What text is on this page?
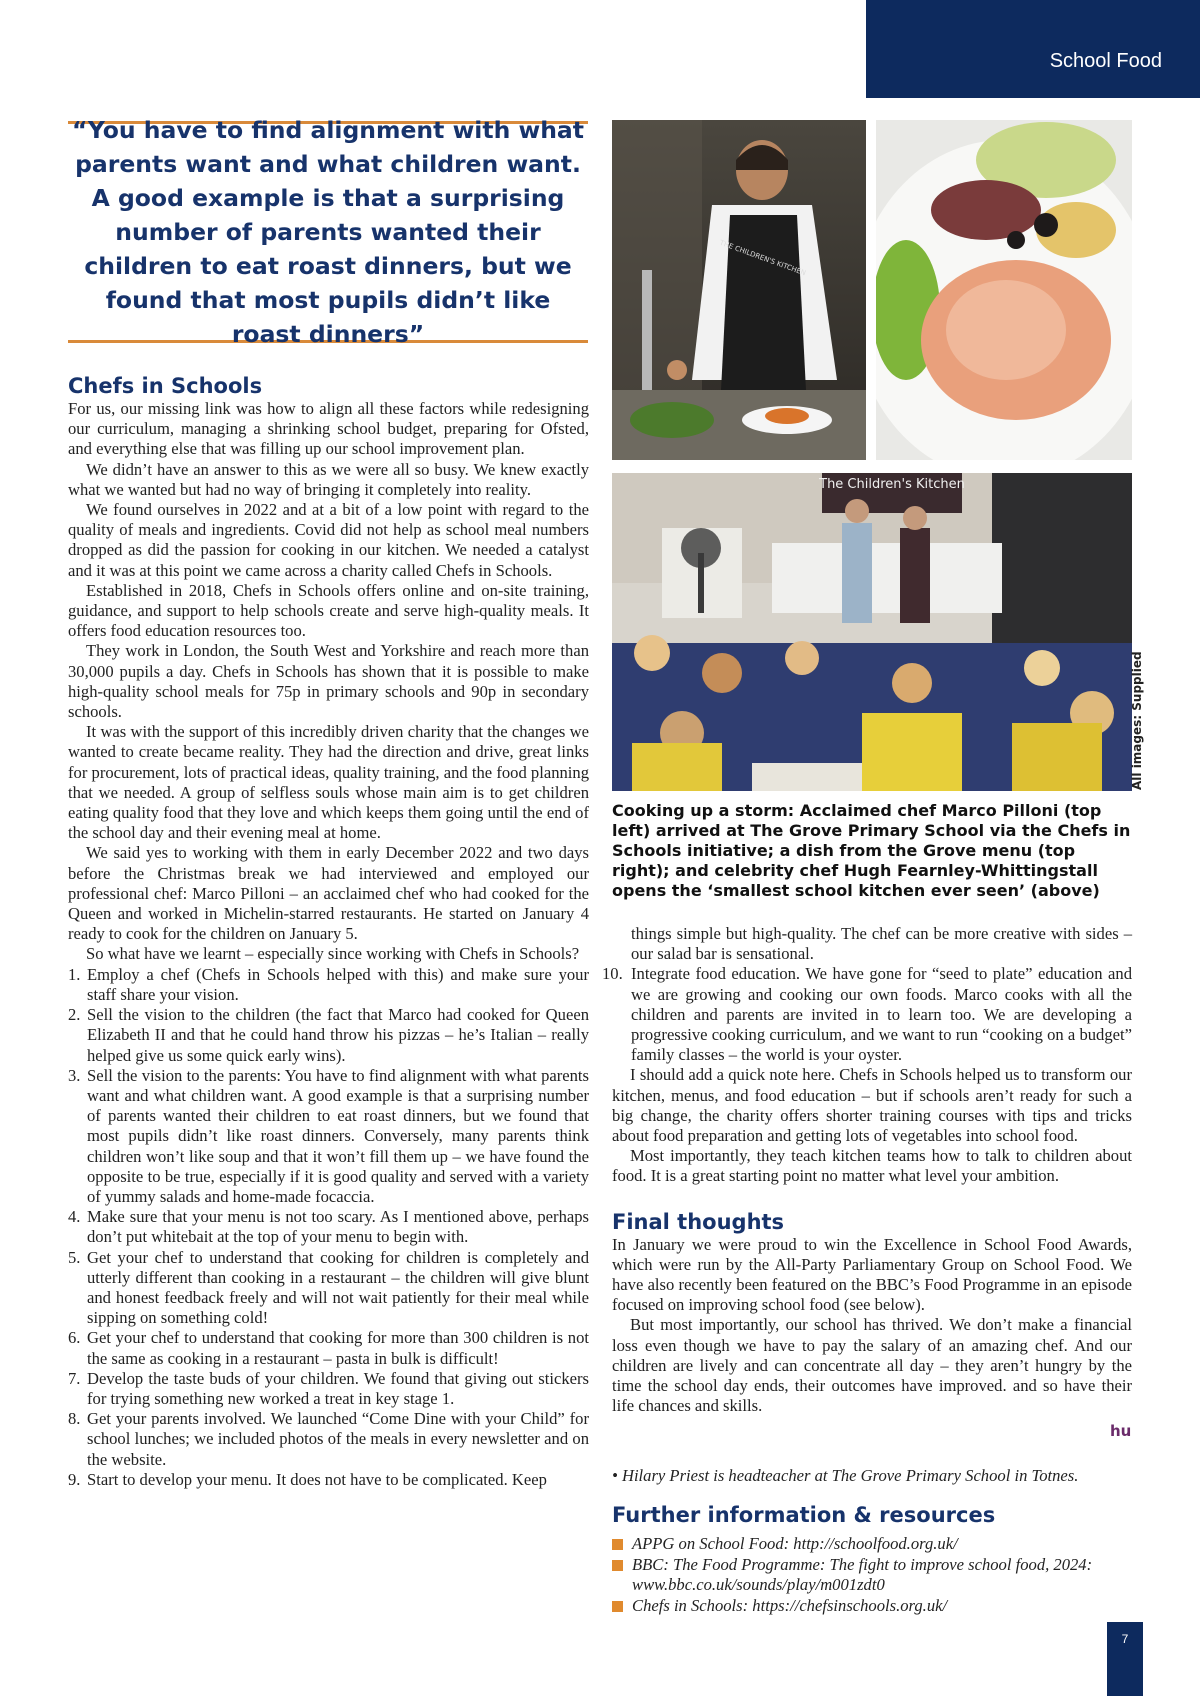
School Food

“You have to find alignment with what parents want and what children want. A good example is that a surprising number of parents wanted their children to eat roast dinners, but we found that most pupils didn’t like roast dinners”

Chefs in Schools

For us, our missing link was how to align all these factors while redesigning our curriculum, managing a shrinking school budget, preparing for Ofsted, and everything else that was filling up our school improvement plan.

We didn’t have an answer to this as we were all so busy. We knew exactly what we wanted but had no way of bringing it completely into reality.

We found ourselves in 2022 and at a bit of a low point with regard to the quality of meals and ingredients. Covid did not help as school meal numbers dropped as did the passion for cooking in our kitchen. We needed a catalyst and it was at this point we came across a charity called Chefs in Schools.

Established in 2018, Chefs in Schools offers online and on-site training, guidance, and support to help schools create and serve high-quality meals. It offers food education resources too.

They work in London, the South West and Yorkshire and reach more than 30,000 pupils a day. Chefs in Schools has shown that it is possible to make high-quality school meals for 75p in primary schools and 90p in secondary schools.

It was with the support of this incredibly driven charity that the changes we wanted to create became reality. They had the direction and drive, great links for procurement, lots of practical ideas, quality training, and the food planning that we needed. A group of selfless souls whose main aim is to get children eating quality food that they love and which keeps them going until the end of the school day and their evening meal at home.

We said yes to working with them in early December 2022 and two days before the Christmas break we had interviewed and employed our professional chef: Marco Pilloni – an acclaimed chef who had cooked for the Queen and worked in Michelin-starred restaurants. He started on January 4 ready to cook for the children on January 5.

So what have we learnt – especially since working with Chefs in Schools?

1. Employ a chef (Chefs in Schools helped with this) and make sure your staff share your vision.
2. Sell the vision to the children (the fact that Marco had cooked for Queen Elizabeth II and that he could hand throw his pizzas – he’s Italian – really helped give us some quick early wins).
3. Sell the vision to the parents: You have to find alignment with what parents want and what children want. A good example is that a surprising number of parents wanted their children to eat roast dinners, but we found that most pupils didn’t like roast dinners. Conversely, many parents think children won’t like soup and that it won’t fill them up – we have found the opposite to be true, especially if it is good quality and served with a variety of yummy salads and home-made focaccia.
4. Make sure that your menu is not too scary. As I mentioned above, perhaps don’t put whitebait at the top of your menu to begin with.
5. Get your chef to understand that cooking for children is completely and utterly different than cooking in a restaurant – the children will give blunt and honest feedback freely and will not wait patiently for their meal while sipping on something cold!
6. Get your chef to understand that cooking for more than 300 children is not the same as cooking in a restaurant – pasta in bulk is difficult!
7. Develop the taste buds of your children. We found that giving out stickers for trying something new worked a treat in key stage 1.
8. Get your parents involved. We launched “Come Dine with your Child” for school lunches; we included photos of the meals in every newsletter and on the website.
9. Start to develop your menu. It does not have to be complicated. Keep
THE CHILDREN'S KITCHEN
The Children's Kitchen
Cooking up a storm: Acclaimed chef Marco Pilloni (top left) arrived at The Grove Primary School via the Chefs in Schools initiative; a dish from the Grove menu (top right); and celebrity chef Hugh Fearnley-Whittingstall opens the ‘smallest school kitchen ever seen’ (above)
All images: Supplied
things simple but high-quality. The chef can be more creative with sides – our salad bar is sensational.
10. Integrate food education. We have gone for “seed to plate” education and we are growing and cooking our own foods. Marco cooks with all the children and parents are invited in to learn too. We are developing a progressive cooking curriculum, and we want to run “cooking on a budget” family classes – the world is your oyster.

I should add a quick note here. Chefs in Schools helped us to transform our kitchen, menus, and food education – but if schools aren’t ready for such a big change, the charity offers shorter training courses with tips and tricks about food preparation and getting lots of vegetables into school food.

Most importantly, they teach kitchen teams how to talk to children about food. It is a great starting point no matter what level your ambition.

Final thoughts

In January we were proud to win the Excellence in School Food Awards, which were run by the All-Party Parliamentary Group on School Food. We have also recently been featured on the BBC’s Food Programme in an episode focused on improving school food (see below).

But most importantly, our school has thrived. We don’t make a financial loss even though we have to pay the salary of an amazing chef. And our children are lively and can concentrate all day – they aren’t hungry by the time the school day ends, their outcomes have improved. and so have their life chances and skills.

hu
• Hilary Priest is headteacher at The Grove Primary School in Totnes.
Further information & resources
APPG on School Food: http://schoolfood.org.uk/
BBC: The Food Programme: The fight to improve school food, 2024: www.bbc.co.uk/sounds/play/m001zdt0
Chefs in Schools: https://chefsinschools.org.uk/
7
